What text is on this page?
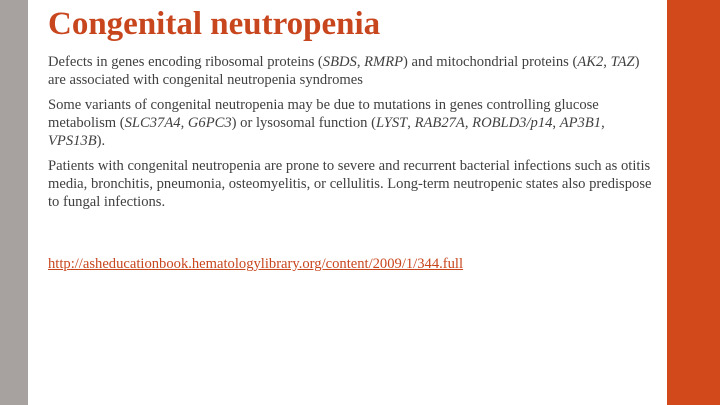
Congenital neutropenia

Defects in genes encoding ribosomal proteins (SBDS, RMRP) and mitochondrial proteins (AK2, TAZ) are associated with congenital neutropenia syndromes

Some variants of congenital neutropenia may be due to mutations in genes controlling glucose metabolism (SLC37A4, G6PC3) or lysosomal function (LYST, RAB27A, ROBLD3/p14, AP3B1, VPS13B).

Patients with congenital neutropenia are prone to severe and recurrent bacterial infections such as otitis media, bronchitis, pneumonia, osteomyelitis, or cellulitis. Long-term neutropenic states also predispose to fungal infections.

http://asheducationbook.hematologylibrary.org/content/2009/1/344.full
